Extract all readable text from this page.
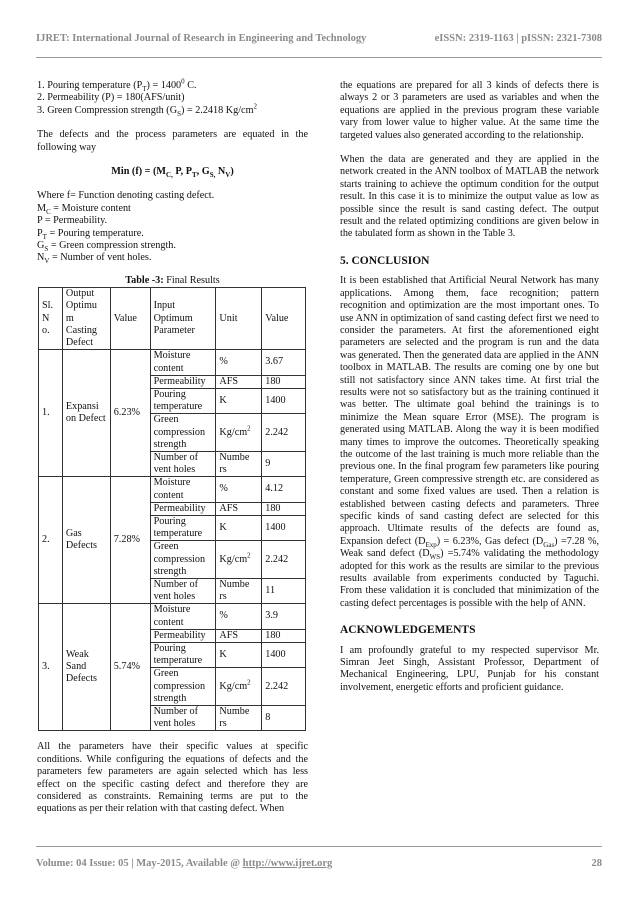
IJRET: International Journal of Research in Engineering and Technology	eISSN: 2319-1163 | pISSN: 2321-7308

1. Pouring temperature $(P_T) = 1400^0$ C.

2. Permeability (P) = 180(AFS/unit)

3. Green Compression strength $(G_S) = 2.2418$ $Kg/cm^2$

The defects and the process parameters are equated in the following way

Min $(f) = (M_{C,}$ P, $P_T$, $G_{S,}$ $N_V$)

Where f= Function denoting casting defect.

$M_C$ = Moisture content

P = Permeability.

$P_T$ = Pouring temperature.

$G_S$ = Green compression strength.

$N_V$ = Number of vent holes.

Table -3: Final Results

Sl. N o.	Output Optimu m Casting Defect	Value	Input Optimum Parameter	Unit	Value
1.	Expansi on Defect	6.23%	Moisture content	%	3.67
			Permeability	AFS	180
			Pouring temperature	K	1400
			Green compression strength	$Kg/cm^2$	2.242
			Number of vent holes	Numbe rs	9
2.	Gas Defects	7.28%	Moisture content	%	4.12
			Permeability	AFS	180
			Pouring temperature	K	1400
			Green compression strength	$Kg/cm^2$	2.242
			Number of vent holes	Numbe rs	11
3.	Weak Sand Defects	5.74%	Moisture content	%	3.9
			Permeability	AFS	180
			Pouring temperature	K	1400
			Green compression strength	$Kg/cm^2$	2.242
			Number of vent holes	Numbe rs	8

All the parameters have their specific values at specific conditions. While configuring the equations of defects and the parameters few parameters are again selected which has less effect on the specific casting defect and therefore they are considered as constraints. Remaining terms are put to the equations as per their relation with that casting defect. When

the equations are prepared for all 3 kinds of defects there is always 2 or 3 parameters are used as variables and when the equations are applied in the previous program these variable vary from lower value to higher value. At the same time the targeted values also generated according to the relationship.

When the data are generated and they are applied in the network created in the ANN toolbox of MATLAB the network starts training to achieve the optimum condition for the output result. In this case it is to minimize the output value as low as possible since the result is sand casting defect. The output result and the related optimizing conditions are given below in the tabulated form as shown in the Table 3.

5. CONCLUSION

It is been established that Artificial Neural Network has many applications. Among them, face recognition; pattern recognition and optimization are the most important ones. To use ANN in optimization of sand casting defect first we need to consider the parameters. At first the aforementioned eight parameters are selected and the program is run and the data was generated. Then the generated data are applied in the ANN toolbox in MATLAB. The results are coming one by one but still not satisfactory since ANN takes time. At first trial the results were not so satisfactory but as the training continued it was better. The ultimate goal behind the trainings is to minimize the Mean square Error (MSE). The program is generated using MATLAB. Along the way it is been modified many times to improve the outcomes. Theoretically speaking the outcome of the last training is much more reliable than the previous one. In the final program few parameters like pouring temperature, Green compressive strength etc. are considered as constant and some fixed values are used. Then a relation is established between casting defects and parameters. Three specific kinds of sand casting defect are selected for this approach. Ultimate results of the defects are found as, Expansion defect $(D_{Exp}) = 6.23\%$, Gas defect $(D_{Gas}) =7.28$ %, Weak sand defect $(D_{WS}) =5.74\%$ validating the methodology adopted for this work as the results are similar to the previous results available from experiments conducted by Taguchi. From these validation it is concluded that minimization of the casting defect percentages is possible with the help of ANN.

ACKNOWLEDGEMENTS

I am profoundly grateful to my respected supervisor Mr. Simran Jeet Singh, Assistant Professor, Department of Mechanical Engineering, LPU, Punjab for his constant involvement, energetic efforts and proficient guidance.

Volume: 04 Issue: 05 | May-2015, Available @ http://www.ijret.org	28
